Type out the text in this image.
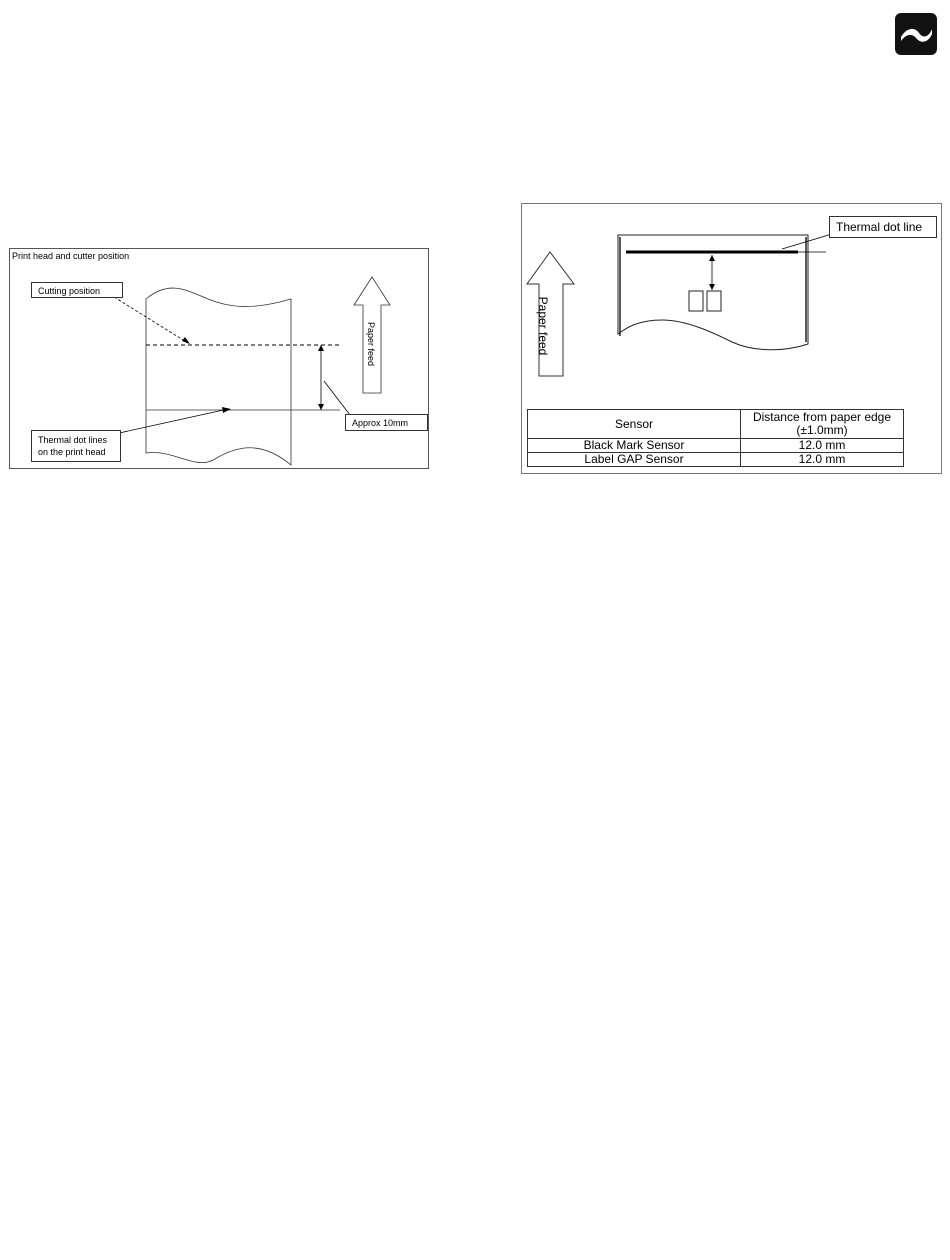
Print head and cutter position
Cutting position
Thermal dot lines
on the print head
Approx 10mm
Paper feed
Thermal dot line
Paper feed
Sensor	Distance from paper edge
(±1.0mm)

Black Mark Sensor	12.0 mm
Label GAP Sensor	12.0 mm
